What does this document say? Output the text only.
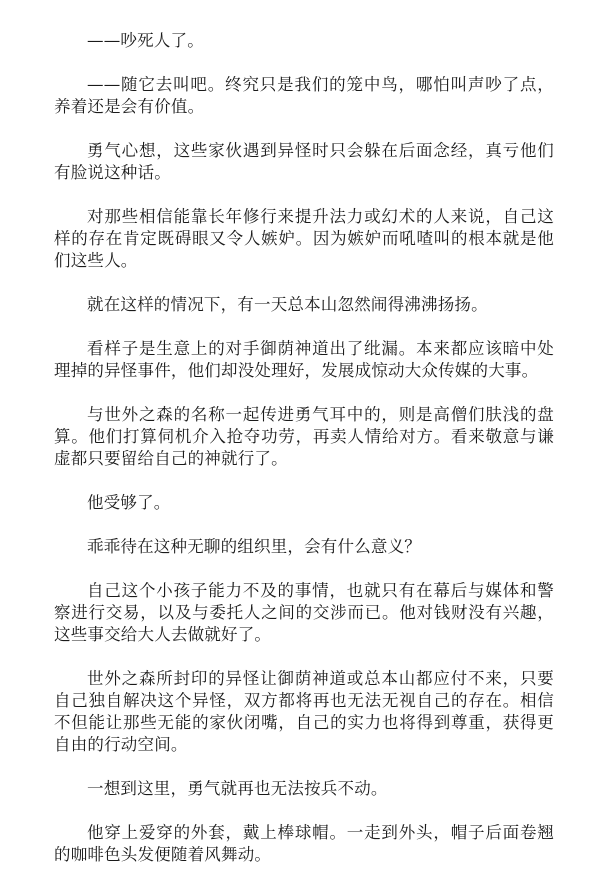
——吵死人了。

——随它去叫吧。终究只是我们的笼中鸟，哪怕叫声吵了点，养着还是会有价值。

勇气心想，这些家伙遇到异怪时只会躲在后面念经，真亏他们有脸说这种话。

对那些相信能靠长年修行来提升法力或幻术的人来说，自己这样的存在肯定既碍眼又令人嫉妒。因为嫉妒而吼喳叫的根本就是他们这些人。

就在这样的情况下，有一天总本山忽然闹得沸沸扬扬。

看样子是生意上的对手御荫神道出了纰漏。本来都应该暗中处理掉的异怪事件，他们却没处理好，发展成惊动大众传媒的大事。

与世外之森的名称一起传进勇气耳中的，则是高僧们肤浅的盘算。他们打算伺机介入抢夺功劳，再卖人情给对方。看来敬意与谦虚都只要留给自己的神就行了。

他受够了。

乖乖待在这种无聊的组织里，会有什么意义？

自己这个小孩子能力不及的事情，也就只有在幕后与媒体和警察进行交易，以及与委托人之间的交涉而已。他对钱财没有兴趣，这些事交给大人去做就好了。

世外之森所封印的异怪让御荫神道或总本山都应付不来，只要自己独自解决这个异怪，双方都将再也无法无视自己的存在。相信不但能让那些无能的家伙闭嘴，自己的实力也将得到尊重，获得更自由的行动空间。

一想到这里，勇气就再也无法按兵不动。

他穿上爱穿的外套，戴上棒球帽。一走到外头，帽子后面卷翘的咖啡色头发便随着风舞动。
